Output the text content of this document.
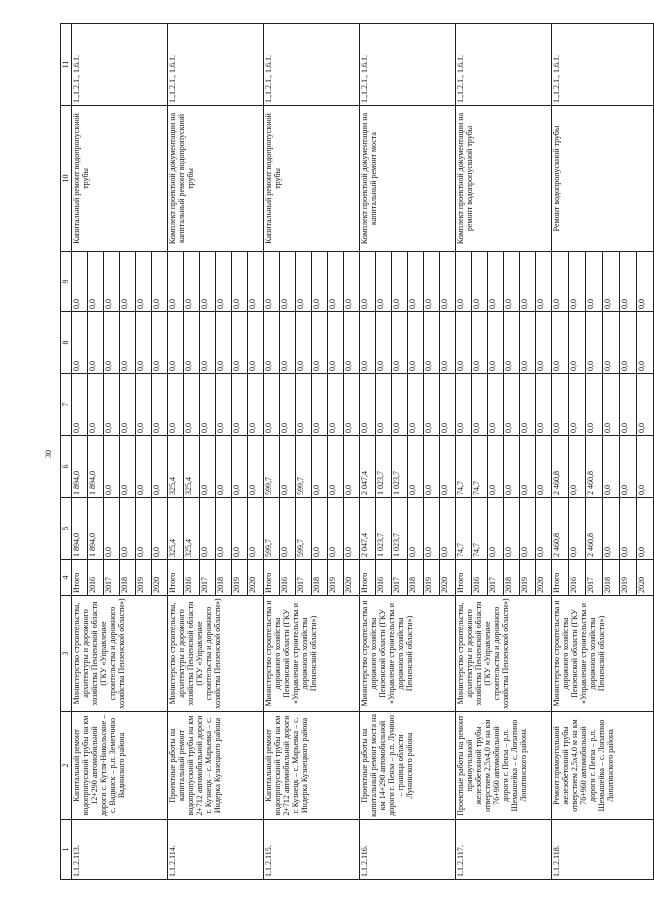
30
1	2	3	4	5	6	7	8	9	10	11
1.1.2.113.	Капитальный ремонт водопропускной трубы на км 12+290 автомобильной дороги с. Кутля-Никольское – с. Вадинск – р.п. Земетчино Вадинского района	Министерство строительства, архитектуры и дорожного хозяйства Пензенской области (ГКУ «Управление строительства и дорожного хозяйства Пензенской области»)	Итого	1 894,0	1 894,0	0,0	0,0	0,0	Капитальный ремонт водопропускной трубы	1.,1.2.1., 1.6.1.
			2016	1 894,0	1 894,0	0,0	0,0	0,0		
			2017	0,0	0,0	0,0	0,0	0,0		
			2018	0,0	0,0	0,0	0,0	0,0		
			2019	0,0	0,0	0,0	0,0	0,0		
			2020	0,0	0,0	0,0	0,0	0,0		
1.1.2.114.	Проектные работы на капитальный ремонт водопропускной трубы на км 2+712 автомобильной дороги г. Кузнецк – с. Марьевка – с. Индерка Кузнецкого района	Министерство строительства, архитектуры и дорожного хозяйства Пензенской области (ГКУ «Управление строительства и дорожного хозяйства Пензенской области»)	Итого	325,4	325,4	0,0	0,0	0,0	Комплект проектной документации на капитальный ремонт водопропускной трубы	1.,1.2.1., 1.6.1.
			2016	325,4	325,4	0,0	0,0	0,0		
			2017	0,0	0,0	0,0	0,0	0,0		
			2018	0,0	0,0	0,0	0,0	0,0		
			2019	0,0	0,0	0,0	0,0	0,0		
			2020	0,0	0,0	0,0	0,0	0,0		
1.1.2.115.	Капитальный ремонт водопропускной трубы на км 2+712 автомобильной дороги г. Кузнецк – с. Марьевка – с. Индерка Кузнецкого района	Министерство строительства и дорожного хозяйства Пензенской области (ГКУ «Управление строительства и дорожного хозяйства Пензенской области»)	Итого	599,7	599,7	0,0	0,0	0,0	Капитальный ремонт водопропускной трубы	1.,1.2.1., 1.6.1.
			2016	0,0	0,0	0,0	0,0	0,0		
			2017	599,7	599,7	0,0	0,0	0,0		
			2018	0,0	0,0	0,0	0,0	0,0		
			2019	0,0	0,0	0,0	0,0	0,0		
			2020	0,0	0,0	0,0	0,0	0,0		
1.1.2.116.	Проектные работы на капитальный ремонт моста на км 14+290 автомобильной дороги г. Пенза – р.п. Лунино – граница области Лунинского района	Министерство строительства и дорожного хозяйства Пензенской области (ГКУ «Управление строительства и дорожного хозяйства Пензенской области»)	Итого	2 047,4	2 047,4	0,0	0,0	0,0	Комплект проектной документации на капитальный ремонт моста	1.,1.2.1., 1.6.1.
			2016	1 023,7	1 023,7	0,0	0,0	0,0		
			2017	1 023,7	1 023,7	0,0	0,0	0,0		
			2018	0,0	0,0	0,0	0,0	0,0		
			2019	0,0	0,0	0,0	0,0	0,0		
			2020	0,0	0,0	0,0	0,0	0,0		
1.1.2.117.	Проектные работы на ремонт прямоугольной железобетонной трубы отверстием 2,5х4,0 м на км 76+960 автомобильной дороги г. Пенза – р.п. Шемышейка – с. Лопатино Лопатинского района	Министерство строительства, архитектуры и дорожного хозяйства Пензенской области (ГКУ «Управление строительства и дорожного хозяйства Пензенской области»)	Итого	74,7	74,7	0,0	0,0	0,0	Комплект проектной документации на ремонт водопропускной трубы	1.,1.2.1., 1.6.1.
			2016	74,7	74,7	0,0	0,0	0,0		
			2017	0,0	0,0	0,0	0,0	0,0		
			2018	0,0	0,0	0,0	0,0	0,0		
			2019	0,0	0,0	0,0	0,0	0,0		
			2020	0,0	0,0	0,0	0,0	0,0		
1.1.2.118.	Ремонт прямоугольной железобетонной трубы отверстием 2,5х4,0 м на км 76+960 автомобильной дороги г. Пенза – р.п. Шемышейка – с. Лопатино Лопатинского района	Министерство строительства и дорожного хозяйства Пензенской области (ГКУ «Управление строительства и дорожного хозяйства Пензенской области»)	Итого	2 460,8	2 460,8	0,0	0,0	0,0	Ремонт водопропускной трубы	1.,1.2.1., 1.6.1.
			2016	0,0	0,0	0,0	0,0	0,0		
			2017	2 460,8	2 460,8	0,0	0,0	0,0		
			2018	0,0	0,0	0,0	0,0	0,0		
			2019	0,0	0,0	0,0	0,0	0,0		
			2020	0,0	0,0	0,0	0,0	0,0		
